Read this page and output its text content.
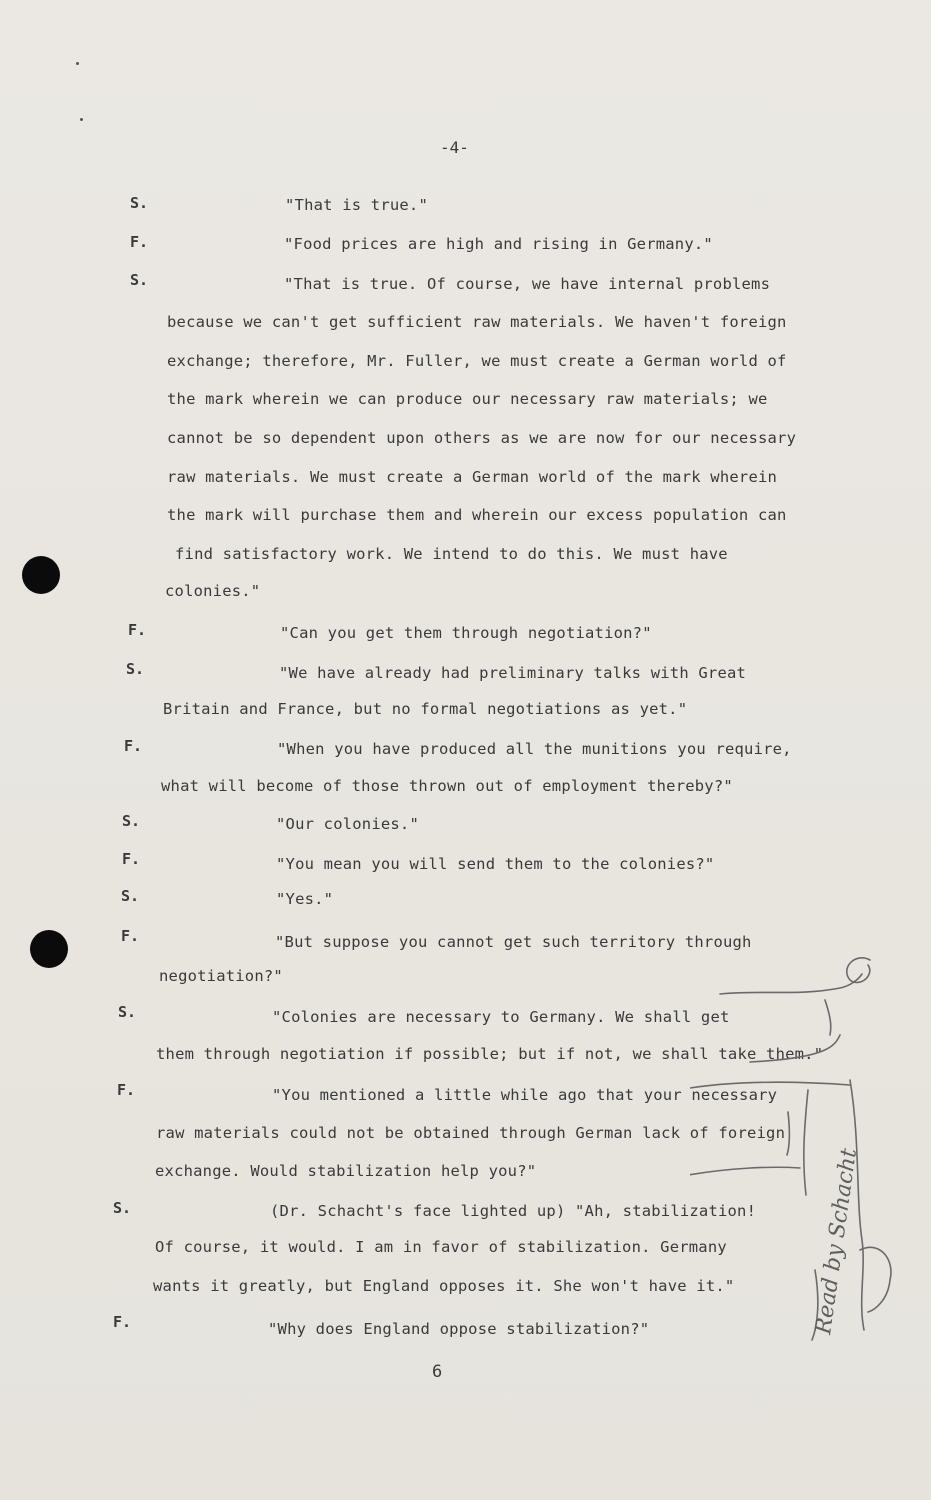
-4-
S.	"That is true."
F.	"Food prices are high and rising in Germany."
S.	"That is true. Of course, we have internal problems
because we can't get sufficient raw materials. We haven't foreign
exchange; therefore, Mr. Fuller, we must create a German world of
the mark wherein we can produce our necessary raw materials; we
cannot be so dependent upon others as we are now for our necessary
raw materials. We must create a German world of the mark wherein
the mark will purchase them and wherein our excess population can
find satisfactory work. We intend to do this. We must have
colonies."
F.	"Can you get them through negotiation?"
S.	"We have already had preliminary talks with Great
Britain and France, but no formal negotiations as yet."
F.	"When you have produced all the munitions you require,
what will become of those thrown out of employment thereby?"
S.	"Our colonies."
F.	"You mean you will send them to the colonies?"
S.	"Yes."
F.	"But suppose you cannot get such territory through
negotiation?"
S.	"Colonies are necessary to Germany. We shall get
them through negotiation if possible; but if not, we shall take them."
F.	"You mentioned a little while ago that your necessary
raw materials could not be obtained through German lack of foreign
exchange. Would stabilization help you?"
S.	(Dr. Schacht's face lighted up) "Ah, stabilization!
Of course, it would. I am in favor of stabilization. Germany
wants it greatly, but England opposes it. She won't have it."
F.	"Why does England oppose stabilization?"
6
Read by Schacht
